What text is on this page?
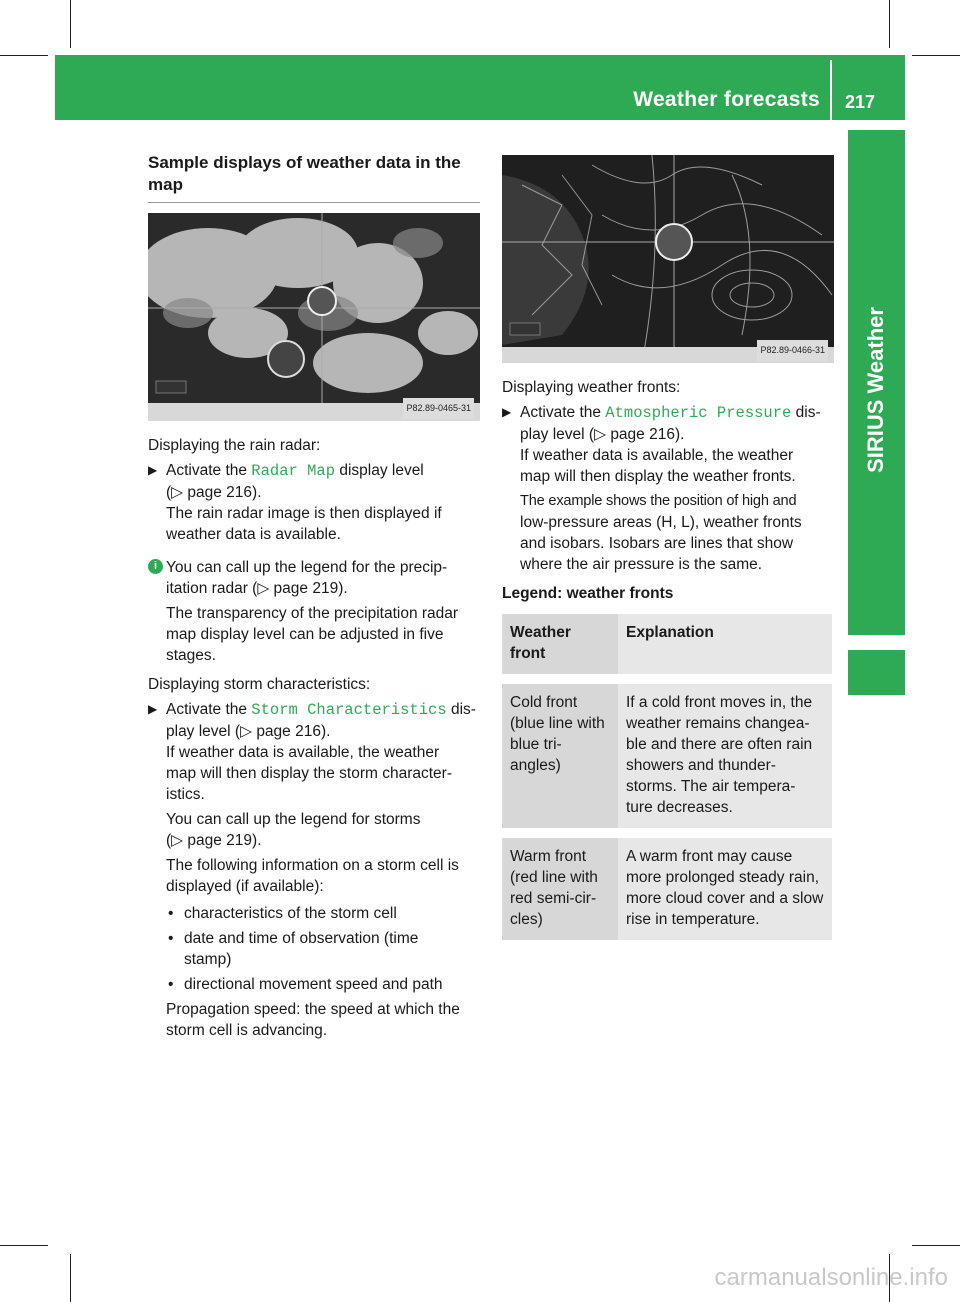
Weather forecasts 217
SIRIUS Weather

Sample displays of weather data in the map

P82.89-0465-31

Displaying the rain radar:

▶ Activate the Radar Map display level

(▷ page 216).

The rain radar image is then displayed if

weather data is available.

i You can call up the legend for the precip-

itation radar (▷ page 219).

The transparency of the precipitation radar

map display level can be adjusted in five

stages.

Displaying storm characteristics:

▶ Activate the Storm Characteristics dis-

play level (▷ page 216).

If weather data is available, the weather

map will then display the storm character-

istics.

You can call up the legend for storms

(▷ page 219).

The following information on a storm cell is

displayed (if available):

• characteristics of the storm cell

• date and time of observation (time

stamp)

• directional movement speed and path

Propagation speed: the speed at which the

storm cell is advancing.

P82.89-0466-31

Displaying weather fronts:

▶ Activate the Atmospheric Pressure dis-

play level (▷ page 216).

If weather data is available, the weather

map will then display the weather fronts.

The example shows the position of high and

low-pressure areas (H, L), weather fronts

and isobars. Isobars are lines that show

where the air pressure is the same.

Legend: weather fronts

Weather front	Explanation

Cold front

(blue line with blue tri- angles)	If a cold front moves in, the weather remains changea- ble and there are often rain showers and thunder- storms. The air tempera- ture decreases.

Warm front

(red line with red semi-cir- cles)	A warm front may cause more prolonged steady rain, more cloud cover and a slow rise in temperature.
carmanualsonline.info
